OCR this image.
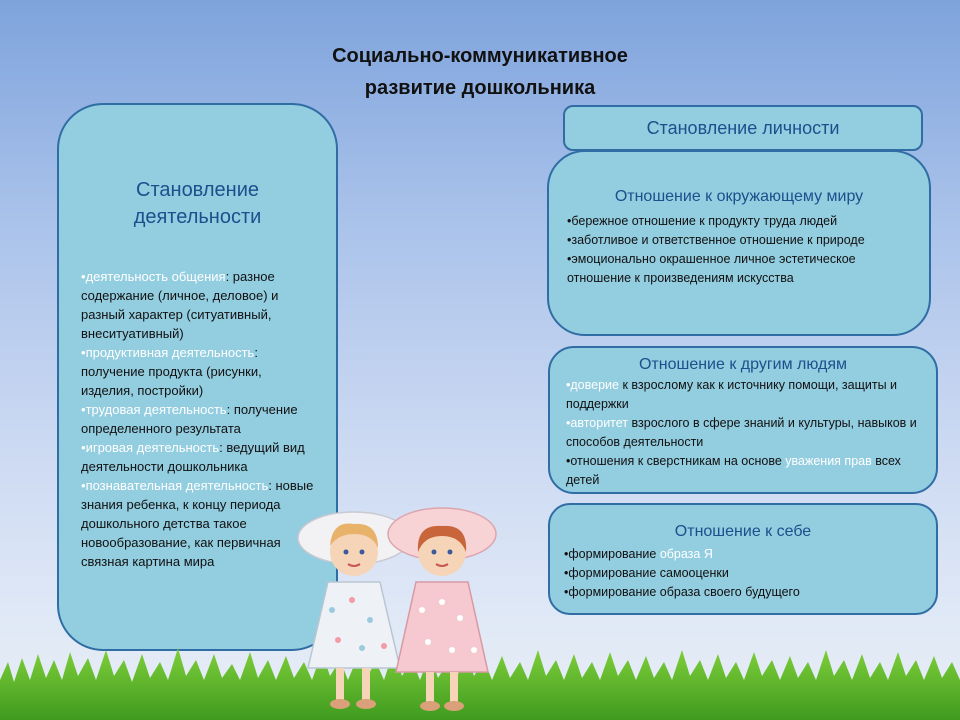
Социально-коммуникативное
развитие дошкольника
Становление
деятельности
•деятельность общения: разное содержание (личное, деловое) и разный характер (ситуативный, внеситуативный)
•продуктивная деятельность: получение продукта (рисунки, изделия, постройки)
•трудовая деятельность: получение определенного результата
•игровая деятельность: ведущий вид деятельности дошкольника
•познавательная деятельность: новые знания ребенка, к концу периода дошкольного детства такое новообразование, как первичная связная картина мира
Становление личности
Отношение к окружающему миру
•бережное отношение к продукту труда людей
•заботливое и ответственное отношение к природе
•эмоционально окрашенное личное эстетическое отношение к произведениям искусства
Отношение к другим людям
•доверие к взрослому как к источнику помощи, защиты и поддержки
•авторитет взрослого в сфере знаний и культуры, навыков и способов деятельности
•отношения к сверстникам на основе уважения прав всех детей
Отношение к себе
•формирование образа Я
•формирование самооценки
•формирование образа своего будущего
